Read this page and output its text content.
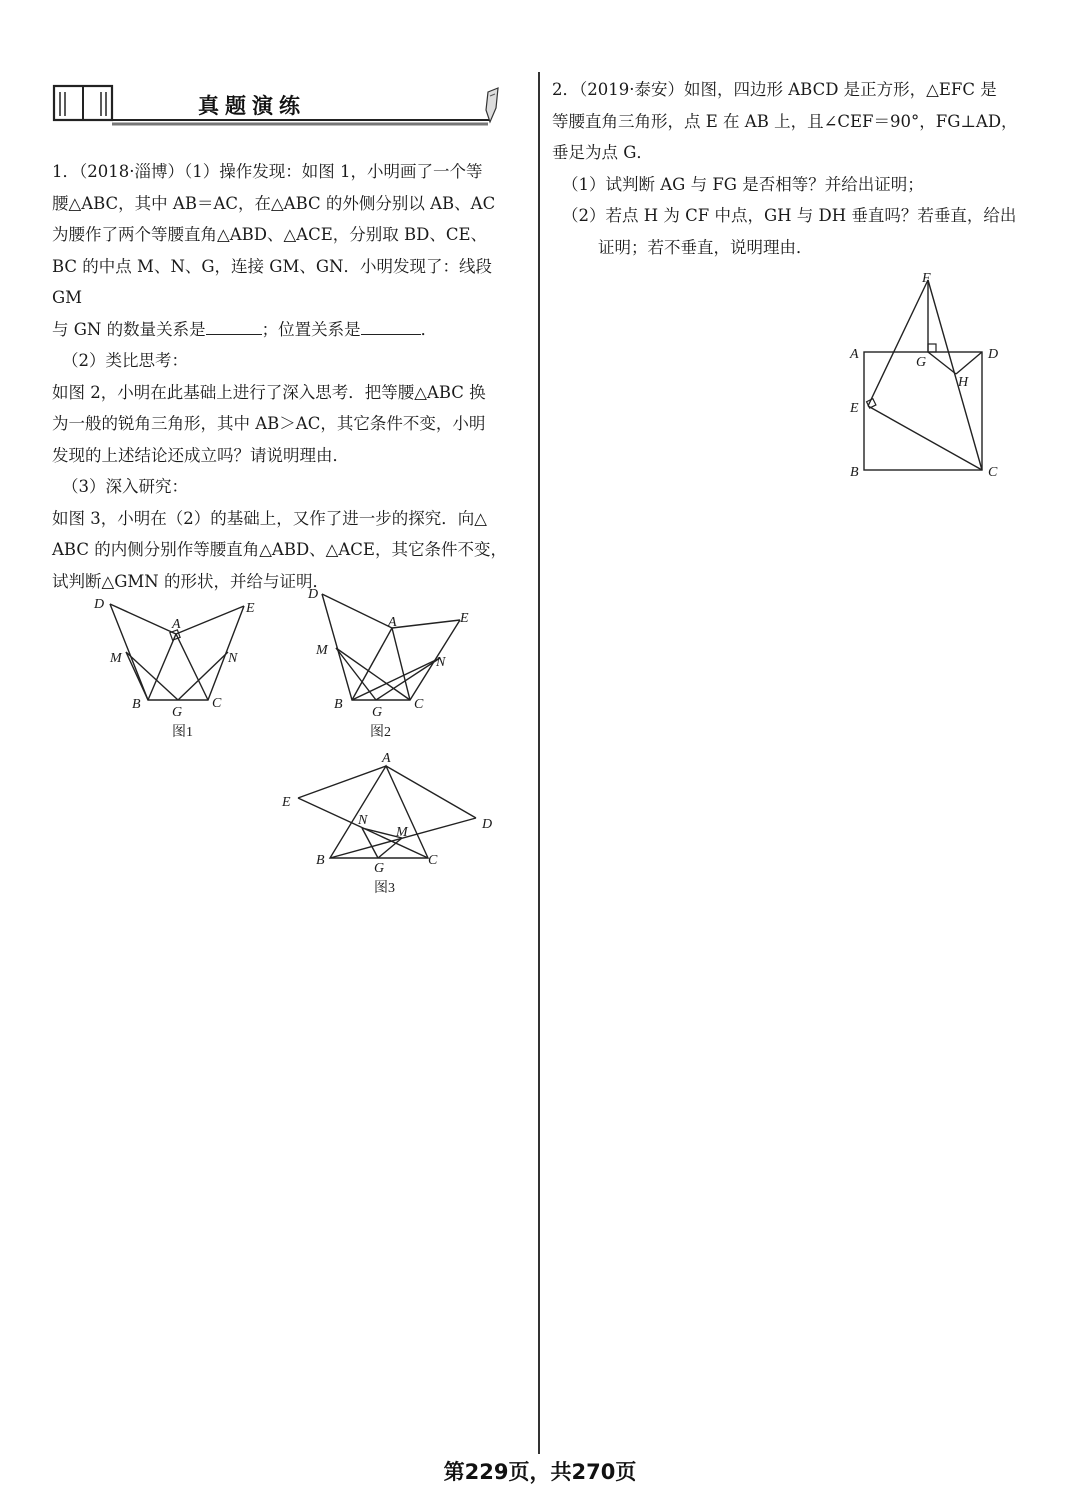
真题演练

1．（2018·淄博）（1）操作发现：如图 1，小明画了一个等

腰△ABC，其中 AB＝AC，在△ABC 的外侧分别以 AB、AC

为腰作了两个等腰直角△ABD、△ACE，分别取 BD、CE、

BC 的中点 M、N、G，连接 GM、GN．小明发现了：线段 GM

与 GN 的数量关系是	；位置关系是	．

（2）类比思考：

如图 2，小明在此基础上进行了深入思考．把等腰△ABC 换

为一般的锐角三角形，其中 AB＞AC，其它条件不变，小明

发现的上述结论还成立吗？请说明理由．

（3）深入研究：

如图 3，小明在（2）的基础上，又作了进一步的探究．向△

ABC 的内侧分别作等腰直角△ABD、△ACE，其它条件不变，

试判断△GMN 的形状，并给与证明．

D
A
E
M	N
B	C
G
图1
D
A	E
M
N
B	C
G
图2
A
E
D
N
M
B	C
G
图3

2．（2019·泰安）如图，四边形 ABCD 是正方形，△EFC 是

等腰直角三角形，点 E 在 AB 上，且∠CEF＝90°，FG⊥AD，

垂足为点 G．

（1）试判断 AG 与 FG 是否相等？并给出证明；

（2）若点 H 为 CF 中点，GH 与 DH 垂直吗？若垂直，给出

证明；若不垂直，说明理由．

F
A	D
G
H
E
B	C
第229页，共270页
